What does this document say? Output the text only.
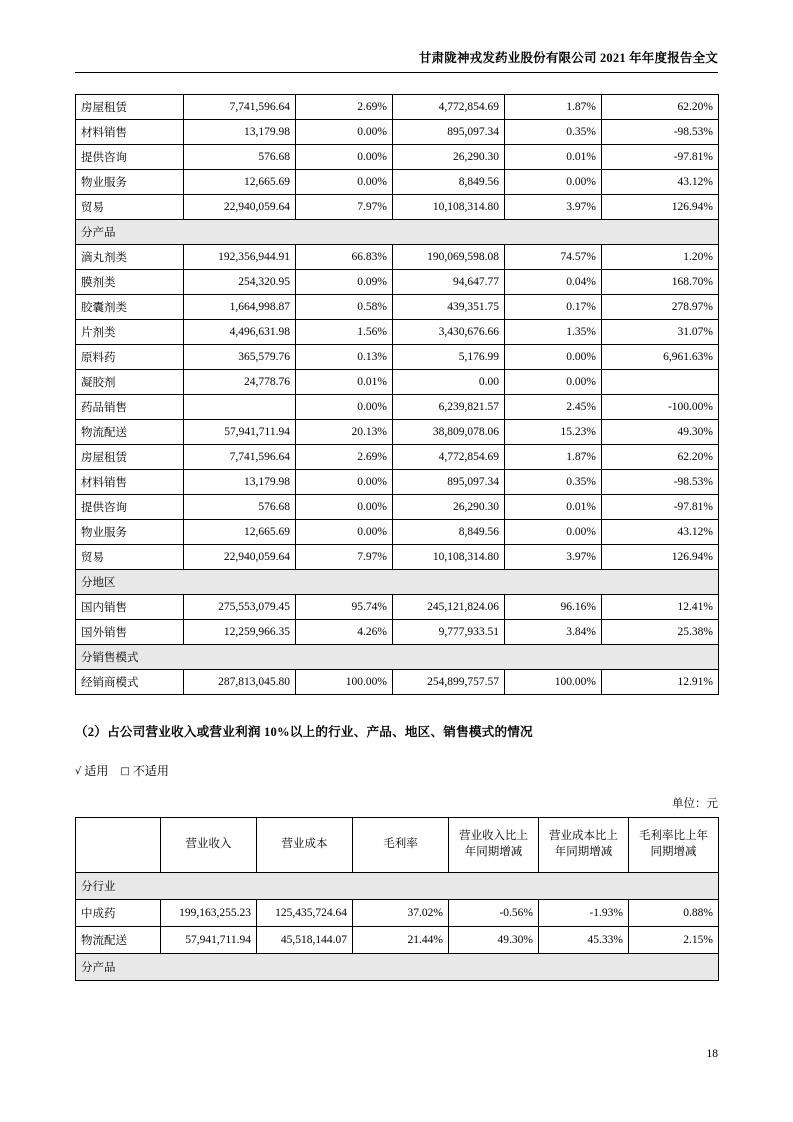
甘肃陇神戎发药业股份有限公司 2021 年年度报告全文
房屋租赁	7,741,596.64	2.69%	4,772,854.69	1.87%	62.20%
材料销售	13,179.98	0.00%	895,097.34	0.35%	-98.53%
提供咨询	576.68	0.00%	26,290.30	0.01%	-97.81%
物业服务	12,665.69	0.00%	8,849.56	0.00%	43.12%
贸易	22,940,059.64	7.97%	10,108,314.80	3.97%	126.94%
分产品					
滴丸剂类	192,356,944.91	66.83%	190,069,598.08	74.57%	1.20%
膜剂类	254,320.95	0.09%	94,647.77	0.04%	168.70%
胶囊剂类	1,664,998.87	0.58%	439,351.75	0.17%	278.97%
片剂类	4,496,631.98	1.56%	3,430,676.66	1.35%	31.07%
原料药	365,579.76	0.13%	5,176.99	0.00%	6,961.63%
凝胶剂	24,778.76	0.01%	0.00	0.00%	
药品销售		0.00%	6,239,821.57	2.45%	-100.00%
物流配送	57,941,711.94	20.13%	38,809,078.06	15.23%	49.30%
房屋租赁	7,741,596.64	2.69%	4,772,854.69	1.87%	62.20%
材料销售	13,179.98	0.00%	895,097.34	0.35%	-98.53%
提供咨询	576.68	0.00%	26,290.30	0.01%	-97.81%
物业服务	12,665.69	0.00%	8,849.56	0.00%	43.12%
贸易	22,940,059.64	7.97%	10,108,314.80	3.97%	126.94%
分地区					
国内销售	275,553,079.45	95.74%	245,121,824.06	96.16%	12.41%
国外销售	12,259,966.35	4.26%	9,777,933.51	3.84%	25.38%
分销售模式					
经销商模式	287,813,045.80	100.00%	254,899,757.57	100.00%	12.91%
（2）占公司营业收入或营业利润 10%以上的行业、产品、地区、销售模式的情况
√ 适用 □ 不适用
单位：元
	营业收入	营业成本	毛利率	营业收入比上年同期增减	营业成本比上年同期增减	毛利率比上年同期增减
分行业						
中成药	199,163,255.23	125,435,724.64	37.02%	-0.56%	-1.93%	0.88%
物流配送	57,941,711.94	45,518,144.07	21.44%	49.30%	45.33%	2.15%
分产品						
18
